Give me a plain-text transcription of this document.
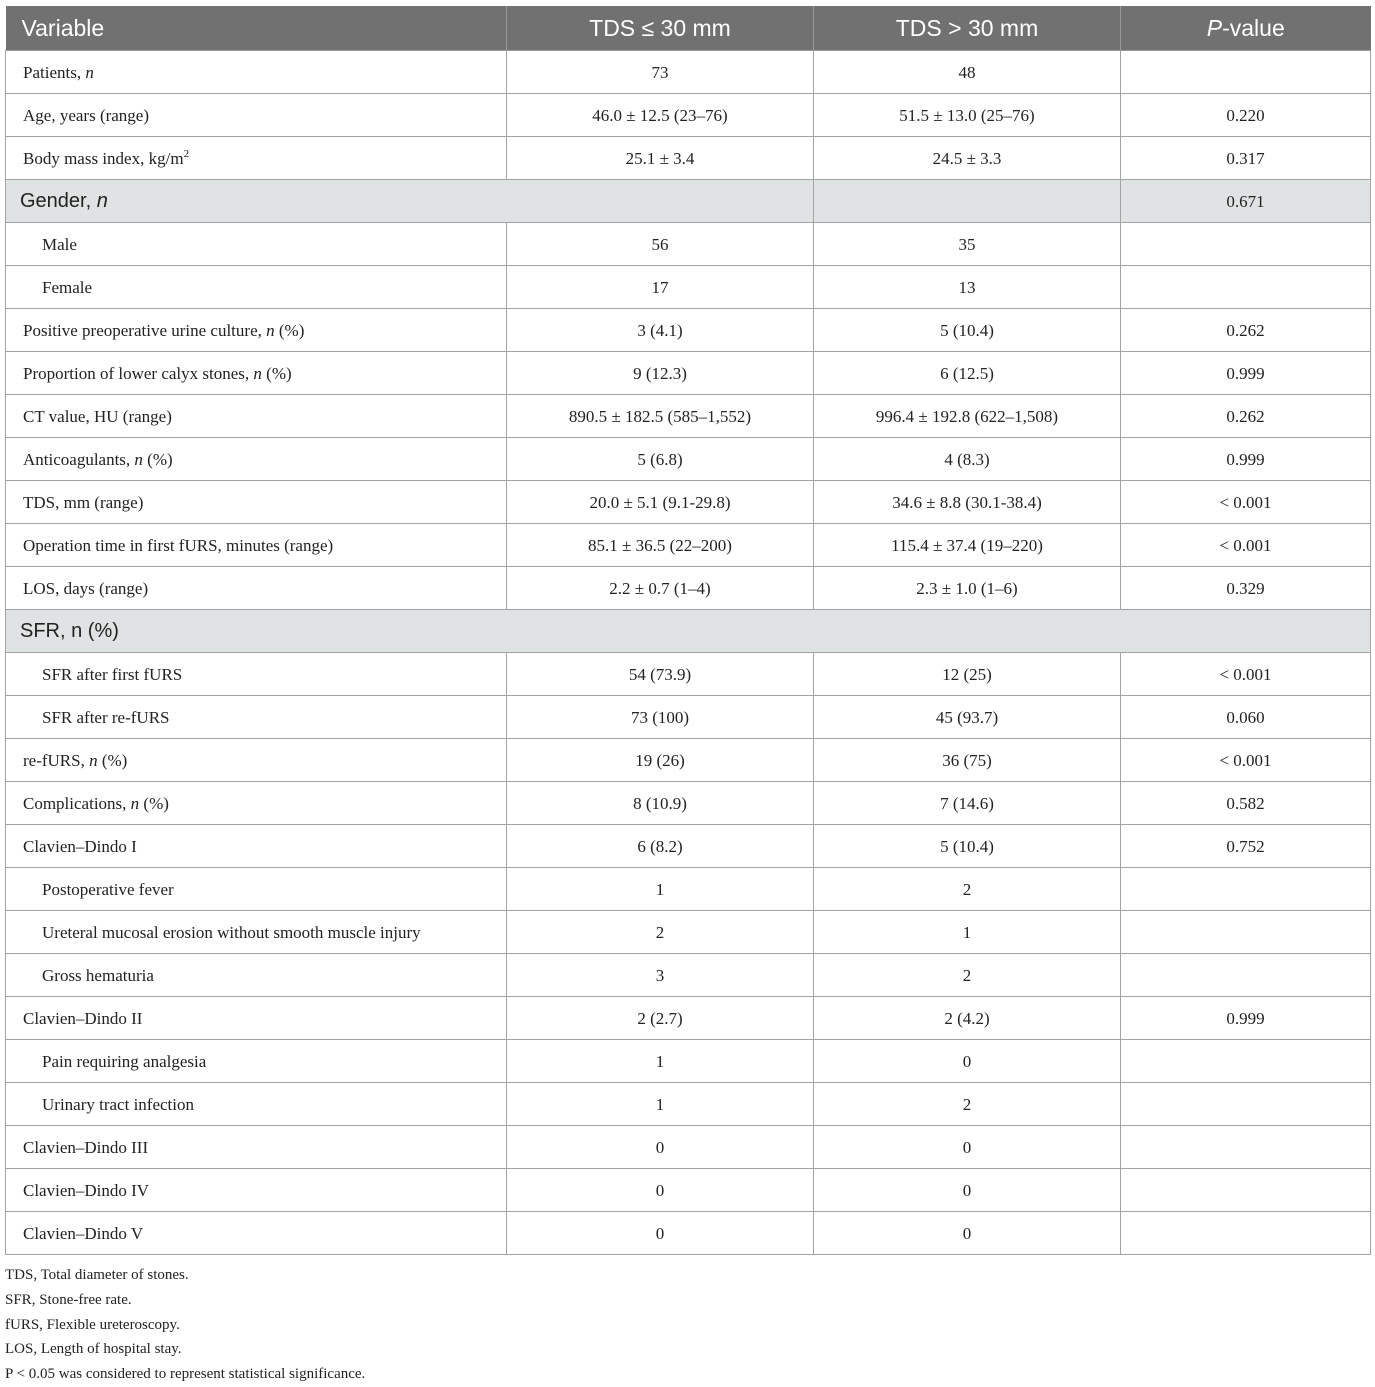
Variable	TDS ≤ 30 mm	TDS > 30 mm	P-value
Patients, n	73	48	
Age, years (range)	46.0 ± 12.5 (23–76)	51.5 ± 13.0 (25–76)	0.220
Body mass index, $kg/m^2$	25.1 ± 3.4	24.5 ± 3.3	0.317
Gender, n			0.671
Male	56	35	
Female	17	13	
Positive preoperative urine culture, n (%)	3 (4.1)	5 (10.4)	0.262
Proportion of lower calyx stones, n (%)	9 (12.3)	6 (12.5)	0.999
CT value, HU (range)	890.5 ± 182.5 (585–1,552)	996.4 ± 192.8 (622–1,508)	0.262
Anticoagulants, n (%)	5 (6.8)	4 (8.3)	0.999
TDS, mm (range)	20.0 ± 5.1 (9.1-29.8)	34.6 ± 8.8 (30.1-38.4)	< 0.001
Operation time in first fURS, minutes (range)	85.1 ± 36.5 (22–200)	115.4 ± 37.4 (19–220)	< 0.001
LOS, days (range)	2.2 ± 0.7 (1–4)	2.3 ± 1.0 (1–6)	0.329
SFR, n (%)			
SFR after first fURS	54 (73.9)	12 (25)	< 0.001
SFR after re-fURS	73 (100)	45 (93.7)	0.060
re-fURS, n (%)	19 (26)	36 (75)	< 0.001
Complications, n (%)	8 (10.9)	7 (14.6)	0.582
Clavien–Dindo I	6 (8.2)	5 (10.4)	0.752
Postoperative fever	1	2	
Ureteral mucosal erosion without smooth muscle injury	2	1	
Gross hematuria	3	2	
Clavien–Dindo II	2 (2.7)	2 (4.2)	0.999
Pain requiring analgesia	1	0	
Urinary tract infection	1	2	
Clavien–Dindo III	0	0	
Clavien–Dindo IV	0	0	
Clavien–Dindo V	0	0	
TDS, Total diameter of stones.
SFR, Stone-free rate.
fURS, Flexible ureteroscopy.
LOS, Length of hospital stay.
P < 0.05 was considered to represent statistical significance.
